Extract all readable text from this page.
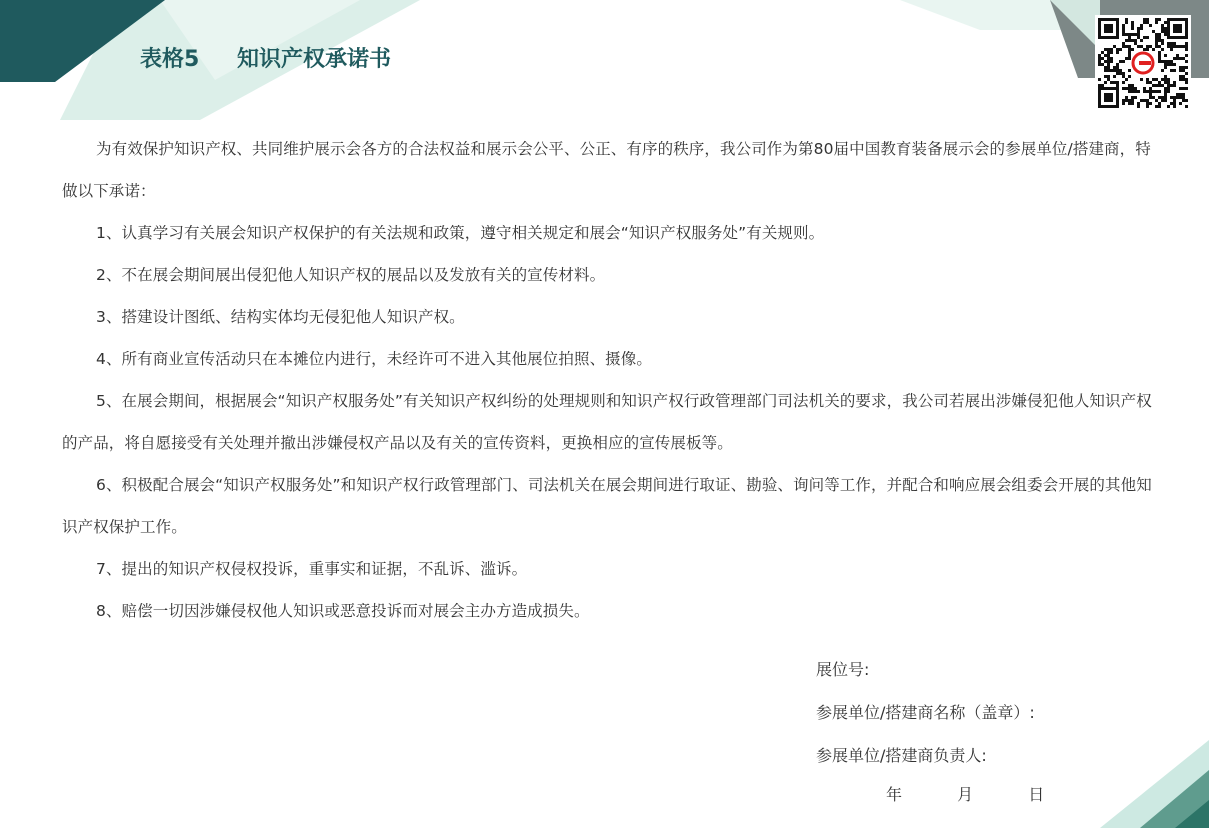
表格5 知识产权承诺书

为有效保护知识产权、共同维护展示会各方的合法权益和展示会公平、公正、有序的秩序，我公司作为第80届中国教育装备展示会的参展单位/搭建商，特做以下承诺：

1、认真学习有关展会知识产权保护的有关法规和政策，遵守相关规定和展会“知识产权服务处”有关规则。

2、不在展会期间展出侵犯他人知识产权的展品以及发放有关的宣传材料。

3、搭建设计图纸、结构实体均无侵犯他人知识产权。

4、所有商业宣传活动只在本摊位内进行，未经许可不进入其他展位拍照、摄像。

5、在展会期间，根据展会“知识产权服务处”有关知识产权纠纷的处理规则和知识产权行政管理部门司法机关的要求，我公司若展出涉嫌侵犯他人知识产权的产品，将自愿接受有关处理并撤出涉嫌侵权产品以及有关的宣传资料，更换相应的宣传展板等。

6、积极配合展会“知识产权服务处”和知识产权行政管理部门、司法机关在展会期间进行取证、勘验、询问等工作，并配合和响应展会组委会开展的其他知识产权保护工作。

7、提出的知识产权侵权投诉，重事实和证据，不乱诉、滥诉。

8、赔偿一切因涉嫌侵权他人知识或恶意投诉而对展会主办方造成损失。

展位号:
参展单位/搭建商名称（盖章）:
参展单位/搭建商负责人:
年	月	日
